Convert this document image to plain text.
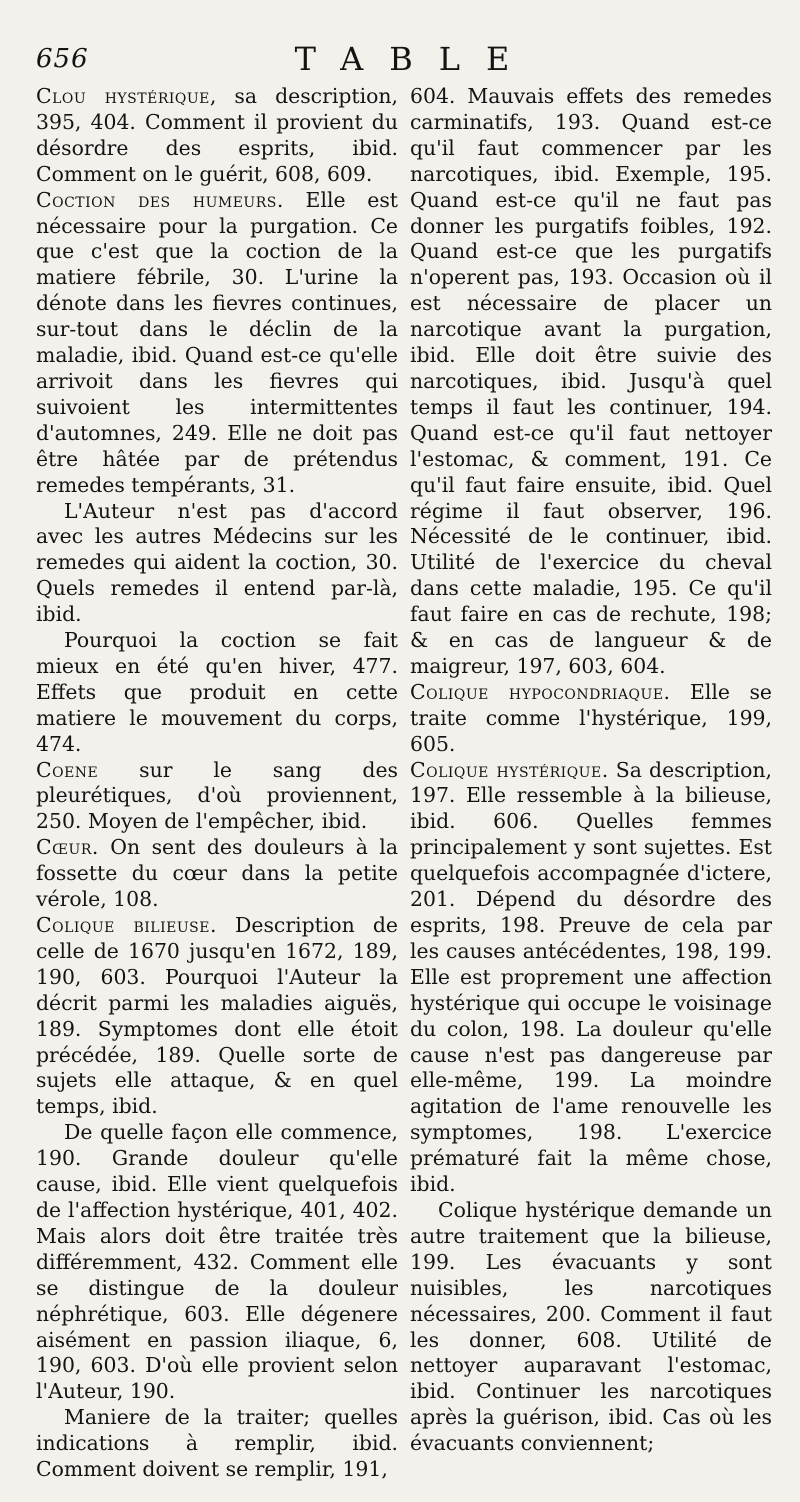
656	TABLE

Clou hystérique, sa description, 395, 404. Comment il provient du désordre des esprits, ibid. Comment on le guérit, 608, 609.

Coction des humeurs. Elle est nécessaire pour la purgation. Ce que c'est que la coction de la matiere fébrile, 30. L'urine la dénote dans les fievres continues, sur-tout dans le déclin de la maladie, ibid. Quand est-ce qu'elle arrivoit dans les fievres qui suivoient les intermittentes d'automnes, 249. Elle ne doit pas être hâtée par de prétendus remedes tempérants, 31.

L'Auteur n'est pas d'accord avec les autres Médecins sur les remedes qui aident la coction, 30. Quels remedes il entend par-là, ibid.

Pourquoi la coction se fait mieux en été qu'en hiver, 477. Effets que produit en cette matiere le mouvement du corps, 474.

Coene sur le sang des pleurétiques, d'où proviennent, 250. Moyen de l'empêcher, ibid.

Cœur. On sent des douleurs à la fossette du cœur dans la petite vérole, 108.

Colique bilieuse. Description de celle de 1670 jusqu'en 1672, 189, 190, 603. Pourquoi l'Auteur la décrit parmi les maladies aiguës, 189. Symptomes dont elle étoit précédée, 189. Quelle sorte de sujets elle attaque, & en quel temps, ibid.

De quelle façon elle commence, 190. Grande douleur qu'elle cause, ibid. Elle vient quelquefois de l'affection hystérique, 401, 402. Mais alors doit être traitée très différemment, 432. Comment elle se distingue de la douleur néphrétique, 603. Elle dégenere aisément en passion iliaque, 6, 190, 603. D'où elle provient selon l'Auteur, 190.

Maniere de la traiter; quelles indications à remplir, ibid. Comment doivent se remplir, 191,

604. Mauvais effets des remedes carminatifs, 193. Quand est-ce qu'il faut commencer par les narcotiques, ibid. Exemple, 195. Quand est-ce qu'il ne faut pas donner les purgatifs foibles, 192. Quand est-ce que les purgatifs n'operent pas, 193. Occasion où il est nécessaire de placer un narcotique avant la purgation, ibid. Elle doit être suivie des narcotiques, ibid. Jusqu'à quel temps il faut les continuer, 194. Quand est-ce qu'il faut nettoyer l'estomac, & comment, 191. Ce qu'il faut faire ensuite, ibid. Quel régime il faut observer, 196. Nécessité de le continuer, ibid. Utilité de l'exercice du cheval dans cette maladie, 195. Ce qu'il faut faire en cas de rechute, 198; & en cas de langueur & de maigreur, 197, 603, 604.

Colique hypocondriaque. Elle se traite comme l'hystérique, 199, 605.

Colique hystérique. Sa description, 197. Elle ressemble à la bilieuse, ibid. 606. Quelles femmes principalement y sont sujettes. Est quelquefois accompagnée d'ictere, 201. Dépend du désordre des esprits, 198. Preuve de cela par les causes antécédentes, 198, 199. Elle est proprement une affection hystérique qui occupe le voisinage du colon, 198. La douleur qu'elle cause n'est pas dangereuse par elle-même, 199. La moindre agitation de l'ame renouvelle les symptomes, 198. L'exercice prématuré fait la même chose, ibid.

Colique hystérique demande un autre traitement que la bilieuse, 199. Les évacuants y sont nuisibles, les narcotiques nécessaires, 200. Comment il faut les donner, 608. Utilité de nettoyer auparavant l'estomac, ibid. Continuer les narcotiques après la guérison, ibid. Cas où les évacuants conviennent;
